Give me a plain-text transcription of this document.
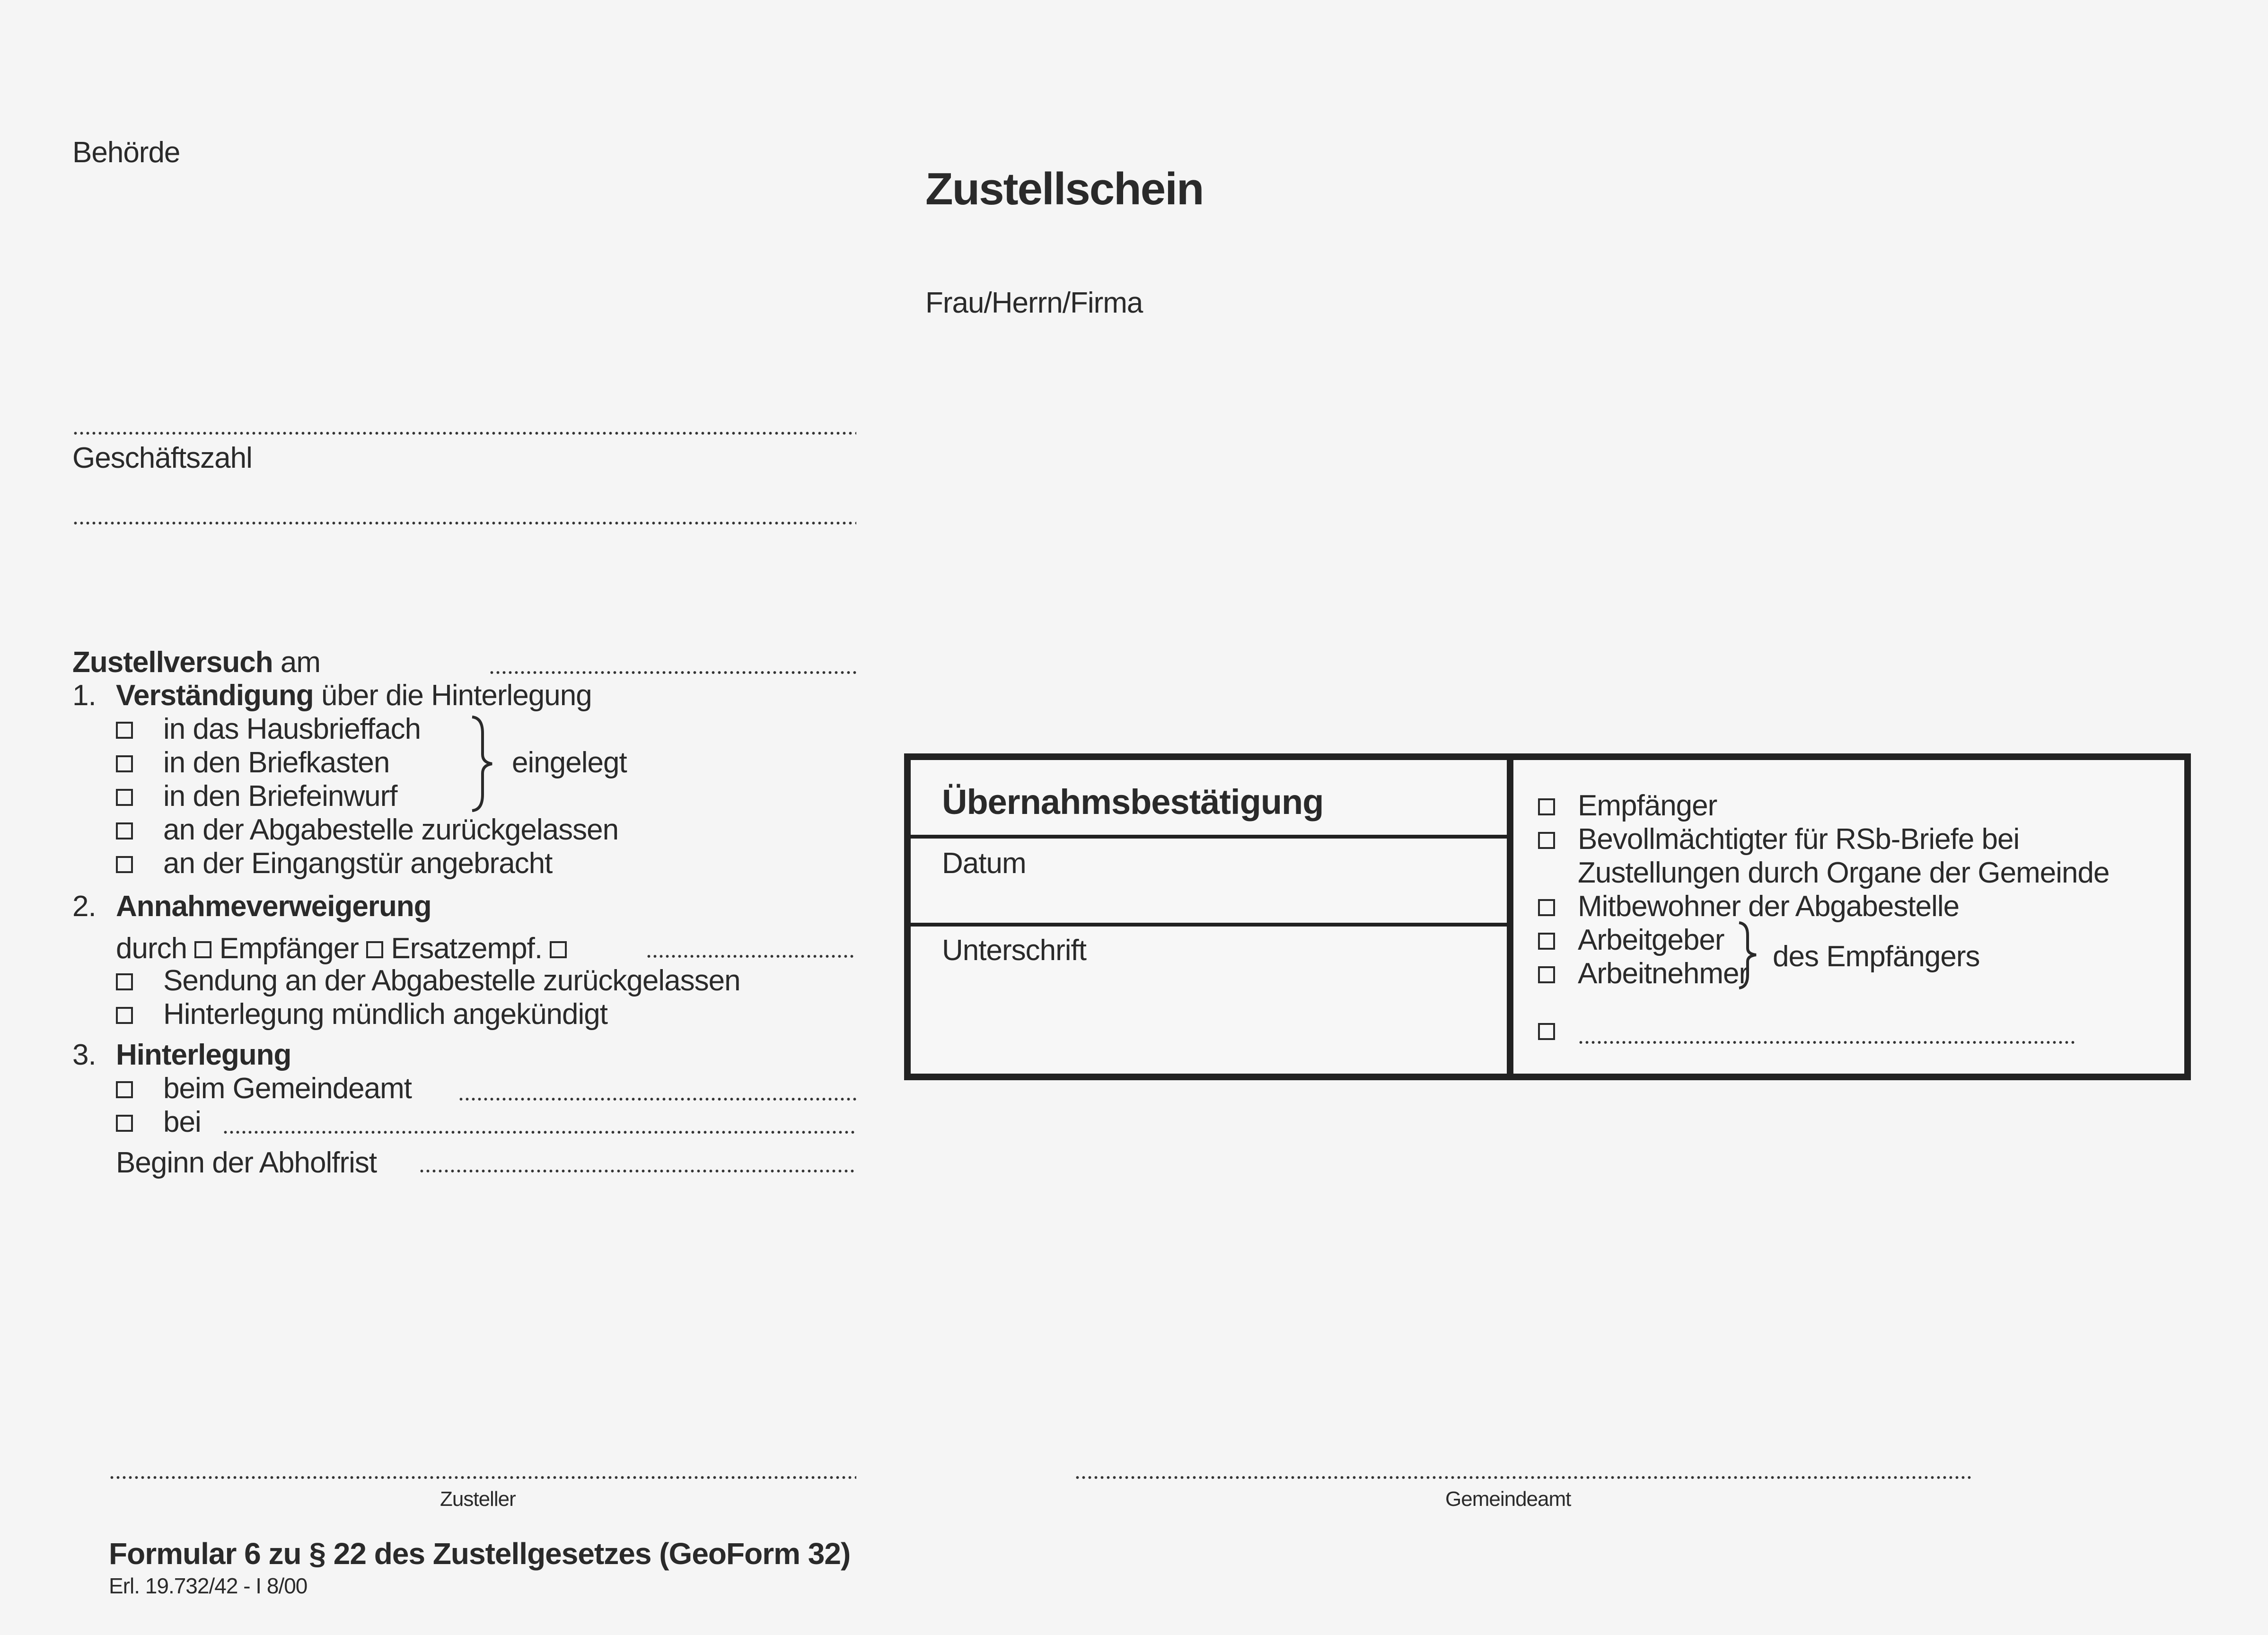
Behörde
Zustellschein
Frau/Herrn/Firma
Geschäftszahl
Zustellversuch
am
1. Verständigung
über die Hinterlegung
in das Hausbrieffach
in den Briefkasten
in den Briefeinwurf
eingelegt
an der Abgabestelle zurückgelassen
an der Eingangstür angebracht
2. Annahmeverweigerung
durch

Empfänger

Ersatzempf.

Sendung an der Abgabestelle zurückgelassen
Hinterlegung mündlich angekündigt
3. Hinterlegung
beim Gemeindeamt
bei
Beginn der Abholfrist
Übernahmsbestätigung
Datum
Unterschrift
Empfänger
Bevollmächtigter für RSb-Briefe bei
Zustellungen durch Organe der Gemeinde
Mitbewohner der Abgabestelle
Arbeitgeber
Arbeitnehmer
des Empfängers
Zusteller	Gemeindeamt
Formular 6 zu § 22 des Zustellgesetzes (GeoForm 32)
Erl. 19.732/42 - I 8/00
